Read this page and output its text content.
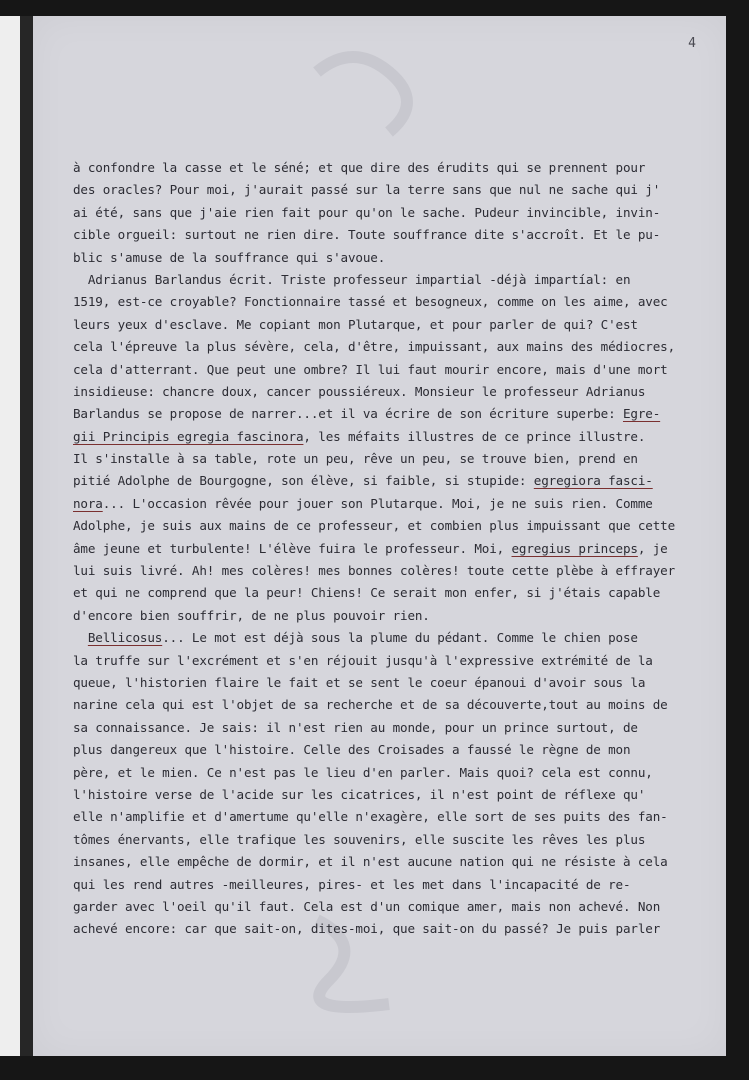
4
à confondre la casse et le séné; et que dire des érudits qui se prennent pour
des oracles? Pour moi, j'aurait passé sur la terre sans que nul ne sache qui j'
ai été, sans que j'aie rien fait pour qu'on le sache. Pudeur invincible, invin-
cible orgueil: surtout ne rien dire. Toute souffrance dite s'accroît. Et le pu-
blic s'amuse de la souffrance qui s'avoue.
Adrianus Barlandus écrit. Triste professeur impartial -déjà impartíal: en
1519, est-ce croyable? Fonctionnaire tassé et besogneux, comme on les aime, avec
leurs yeux d'esclave. Me copiant mon Plutarque, et pour parler de qui? C'est
cela l'épreuve la plus sévère, cela, d'être, impuissant, aux mains des médiocres,
cela d'atterrant. Que peut une ombre? Il lui faut mourir encore, mais d'une mort
insidieuse: chancre doux, cancer poussiéreux. Monsieur le professeur Adrianus
Barlandus se propose de narrer...et il va écrire de son écriture superbe: Egre-
gii Principis egregia fascinora, les méfaits illustres de ce prince illustre.
Il s'installe à sa table, rote un peu, rêve un peu, se trouve bien, prend en
pitié Adolphe de Bourgogne, son élève, si faible, si stupide: egregiora fasci-
nora... L'occasion rêvée pour jouer son Plutarque. Moi, je ne suis rien. Comme
Adolphe, je suis aux mains de ce professeur, et combien plus impuissant que cette
âme jeune et turbulente! L'élève fuira le professeur. Moi, egregius princeps, je
lui suis livré. Ah! mes colères! mes bonnes colères! toute cette plèbe à effrayer
et qui ne comprend que la peur! Chiens! Ce serait mon enfer, si j'étais capable
d'encore bien souffrir, de ne plus pouvoir rien.
Bellicosus... Le mot est déjà sous la plume du pédant. Comme le chien pose
la truffe sur l'excrément et s'en réjouit jusqu'à l'expressive extrémité de la
queue, l'historien flaire le fait et se sent le coeur épanoui d'avoir sous la
narine cela qui est l'objet de sa recherche et de sa découverte,tout au moins de
sa connaissance. Je sais: il n'est rien au monde, pour un prince surtout, de
plus dangereux que l'histoire. Celle des Croisades a faussé le règne de mon
père, et le mien. Ce n'est pas le lieu d'en parler. Mais quoi? cela est connu,
l'histoire verse de l'acide sur les cicatrices, il n'est point de réflexe qu'
elle n'amplifie et d'amertume qu'elle n'exagère, elle sort de ses puits des fan-
tômes énervants, elle trafique les souvenirs, elle suscite les rêves les plus
insanes, elle empêche de dormir, et il n'est aucune nation qui ne résiste à cela
qui les rend autres -meilleures, pires- et les met dans l'incapacité de re-
garder avec l'oeil qu'il faut. Cela est d'un comique amer, mais non achevé. Non
achevé encore: car que sait-on, dites-moi, que sait-on du passé? Je puis parler
